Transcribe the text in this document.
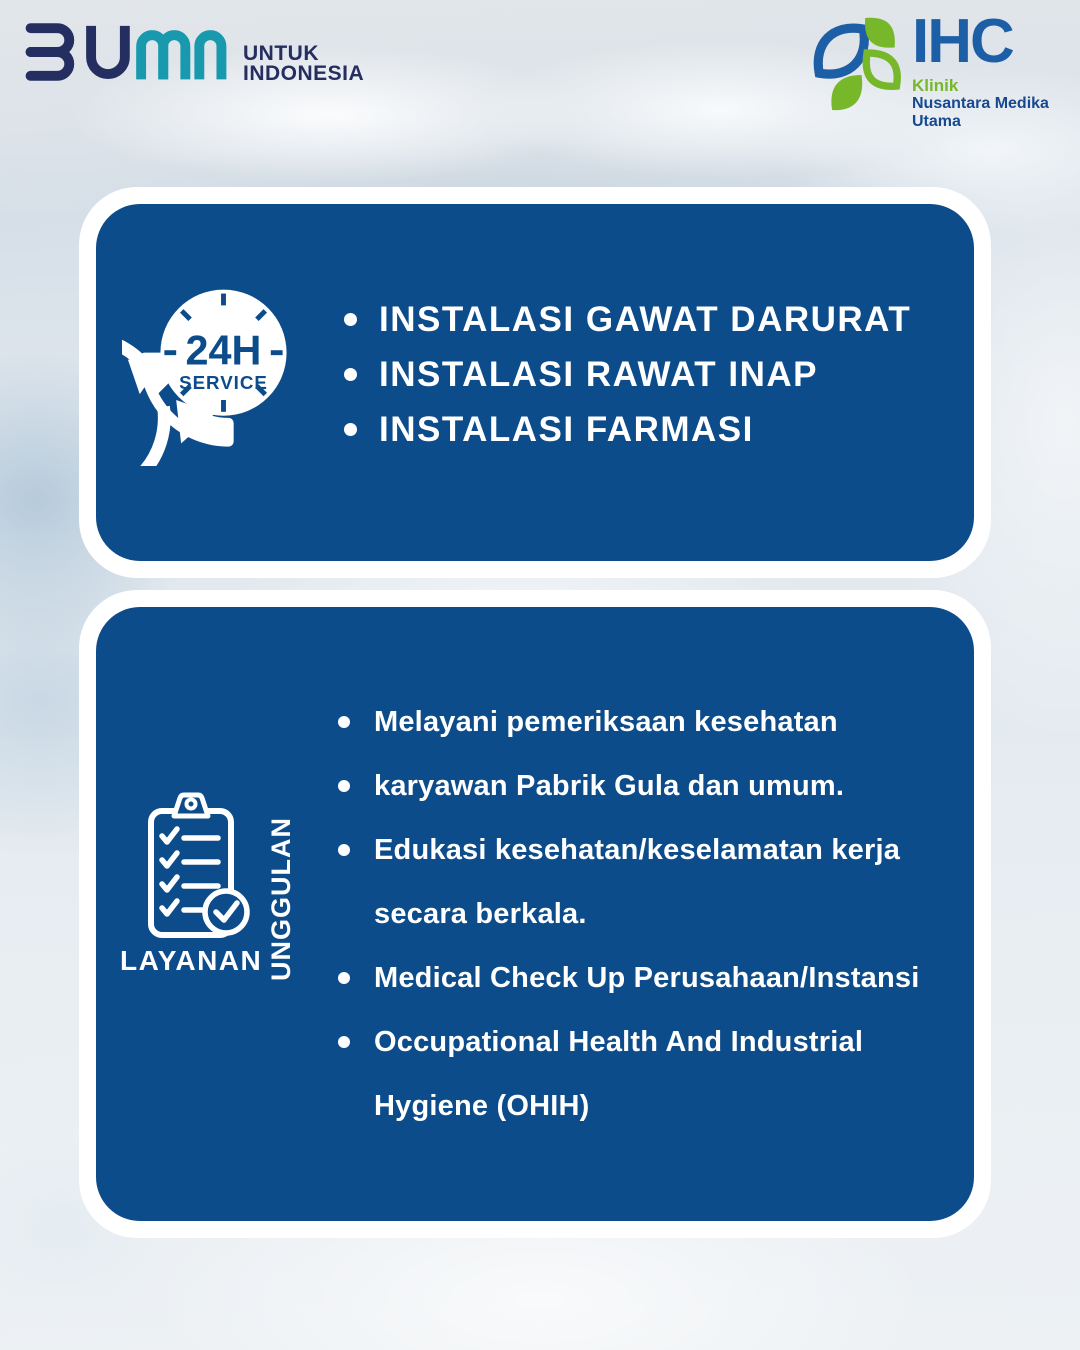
UNTUK
INDONESIA	IHC
Klinik
Nusantara Medika Utama
24H
SERVICE
INSTALASI GAWAT DARURAT
INSTALASI RAWAT INAP
INSTALASI FARMASI
UNGGULAN
LAYANAN
Melayani pemeriksaan kesehatan
karyawan Pabrik Gula dan umum.
Edukasi kesehatan/keselamatan kerja
secara berkala.
Medical Check Up Perusahaan/Instansi
Occupational Health And Industrial
Hygiene (OHIH)
